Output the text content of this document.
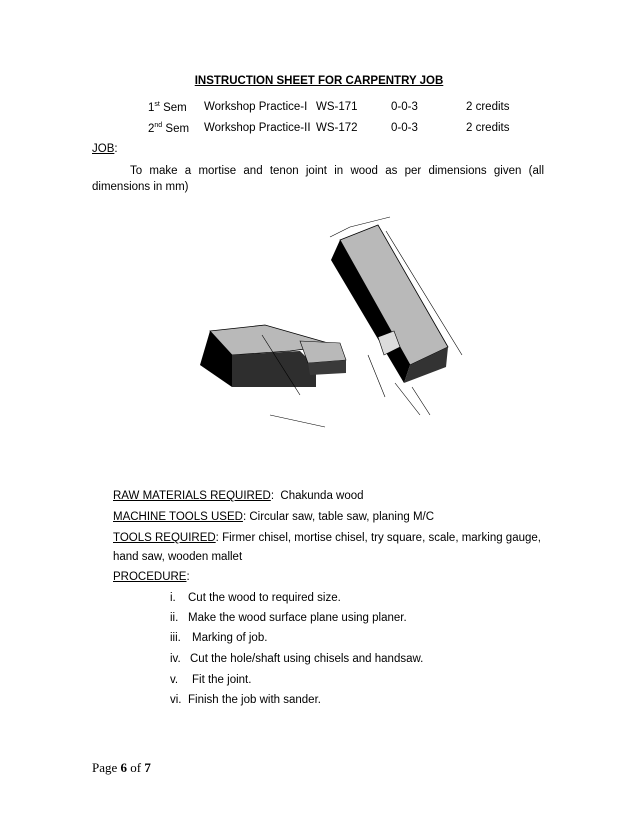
INSTRUCTION SHEET FOR CARPENTRY JOB
1st Sem Workshop Practice-I WS-171	0-0-3	2 credits
2nd Sem Workshop Practice-II WS-172	0-0-3	2 credits
JOB:
To make a mortise and tenon joint in wood as per dimensions given (all
dimensions in mm)
RAW MATERIALS REQUIRED:  Chakunda wood
MACHINE TOOLS USED: Circular saw, table saw, planing M/C
TOOLS REQUIRED: Firmer chisel, mortise chisel, try square, scale, marking gauge,
hand saw, wooden mallet
PROCEDURE:
i.	Cut the wood to required size.
ii. Make the wood surface plane using planer.
iii. Marking of job.
iv. Cut the hole/shaft using chisels and handsaw.
v.	Fit the joint.
vi. Finish the job with sander.
Page 6 of 7
